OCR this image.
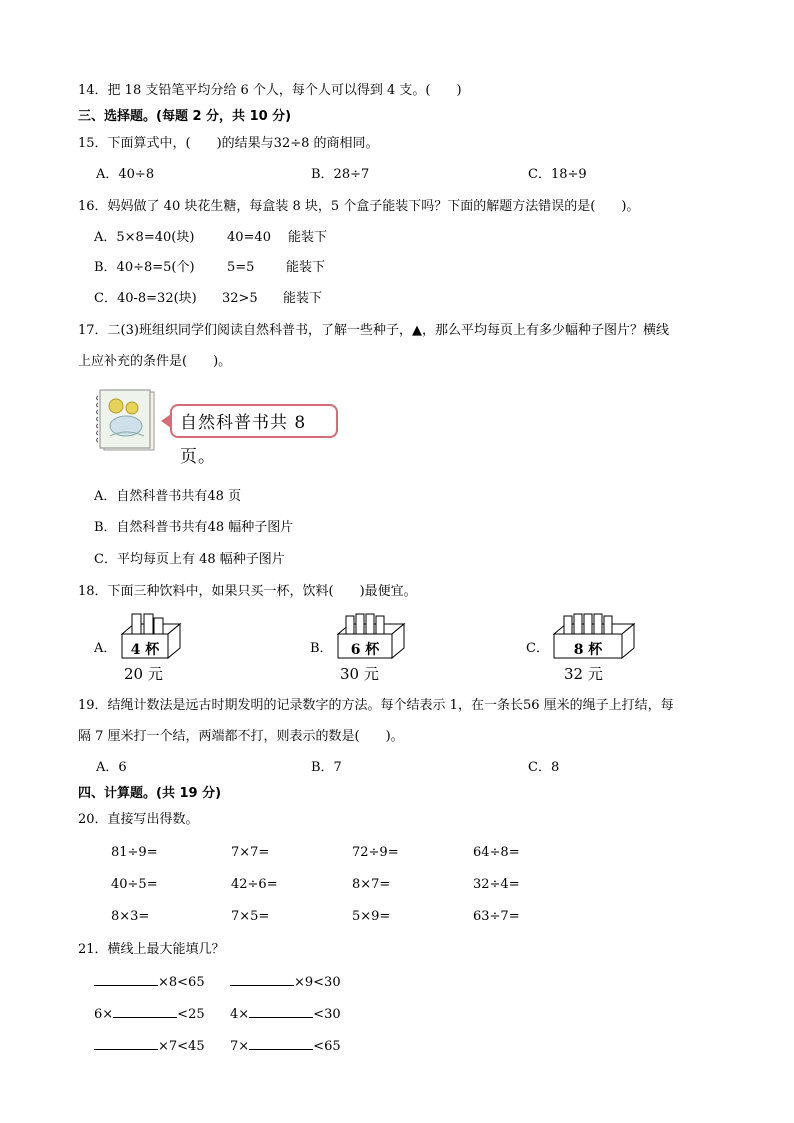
14．把 18 支铅笔平均分给 6 个人，每个人可以得到 4 支。(　　)
三、选择题。(每题 2 分，共 10 分)
15．下面算式中，(　　)的结果与32÷8 的商相同。
A．40÷8	B．28÷7	C．18÷9
16．妈妈做了 40 块花生糖，每盒装 8 块，5 个盒子能装下吗？下面的解题方法错误的是(　　)。
A．5×8=40(块)	40=40 能装下
B．40÷8=5(个) 5=5 能装下
C．40-8=32(块) 32>5 能装下
17．二(3)班组织同学们阅读自然科普书，了解一些种子，▲，那么平均每页上有多少幅种子图片？横线
上应补充的条件是(　　)。
自然科普书共 8 页。
A．自然科普书共有48 页
B．自然科普书共有48 幅种子图片
C．平均每页上有 48 幅种子图片
18．下面三种饮料中，如果只买一杯，饮料(　　)最便宜。
A．	4 杯
20 元
B．	6 杯
30 元
C．	8 杯
32 元
19．结绳计数法是远古时期发明的记录数字的方法。每个结表示 1，在一条长56 厘米的绳子上打结，每
隔 7 厘米打一个结，两端都不打，则表示的数是(　　)。
A．6	B．7	C．8
四、计算题。(共 19 分)
20．直接写出得数。
81÷9=	7×7=	72÷9=	64÷8=
40÷5=	42÷6=	8×7=	32÷4=
8×3=	7×5=	5×9=	63÷7=
21．横线上最大能填几？
×8<65	×9<30
6×	<25 4×	<30
×7<45 7×	<65
